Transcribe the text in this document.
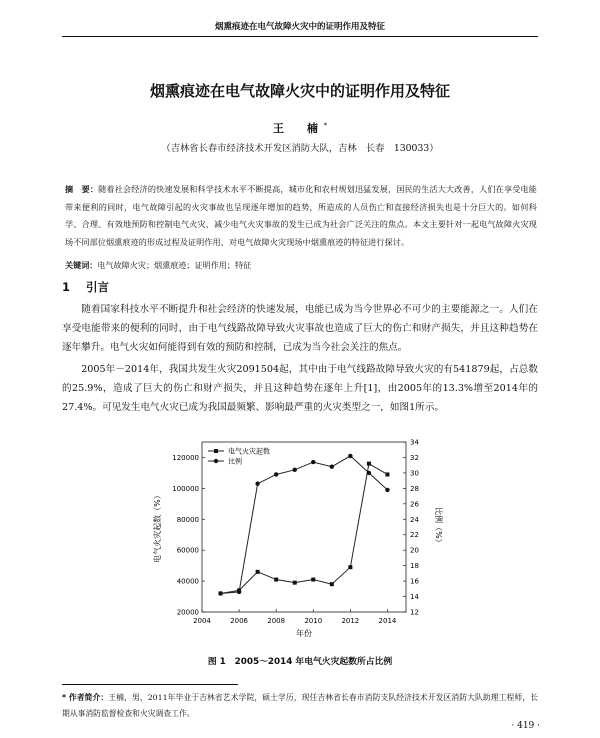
烟熏痕迹在电气故障火灾中的证明作用及特征
烟熏痕迹在电气故障火灾中的证明作用及特征
王　楠*
（吉林省长春市经济技术开发区消防大队，吉林　长春　130033）
摘　要：随着社会经济的快速发展和科学技术水平不断提高，城市化和农村规划迅猛发展，国民的生活大大改善，人们在享受电能带来便利的同时，电气故障引起的火灾事故也呈现逐年增加的趋势，所造成的人员伤亡和直接经济损失也是十分巨大的。如何科学、合理、有效地预防和控制电气火灾，减少电气火灾事故的发生已成为社会广泛关注的焦点。本文主要针对一起电气故障火灾现场不同部位烟熏痕迹的形成过程及证明作用、对电气故障火灾现场中烟熏痕迹的特征进行探讨。
关键词：电气故障火灾；烟熏痕迹；证明作用；特征
1 引言

随着国家科技水平不断提升和社会经济的快速发展，电能已成为当今世界必不可少的主要能源之一。人们在享受电能带来的便利的同时，由于电气线路故障导致火灾事故也造成了巨大的伤亡和财产损失，并且这种趋势在逐年攀升。电气火灾如何能得到有效的预防和控制，已成为当今社会关注的焦点。

2005年－2014年，我国共发生火灾2091504起，其中由于电气线路故障导致火灾的有541879起，占总数的25.9%，造成了巨大的伤亡和财产损失，并且这种趋势在逐年上升[1]，由2005年的13.3%增至2014年的27.4%。可见发生电气火灾已成为我国最频繁、影响最严重的火灾类型之一，如图1所示。

2004	2006	2008	2010	2012	2014
20000
40000
60000
80000
100000
120000
12
14
16
18
20
22
24
26
28
30
32
34
年份
电气火灾起数（%）	比例（%）
电气火灾起数
比例
图 1　2005～2014 年电气火灾起数所占比例
* 作者简介：王楠，男，2011年毕业于吉林省艺术学院，硕士学历，现任吉林省长春市消防支队经济技术开发区消防大队助理工程师，长期从事消防监督检查和火灾调查工作。
· 419 ·
